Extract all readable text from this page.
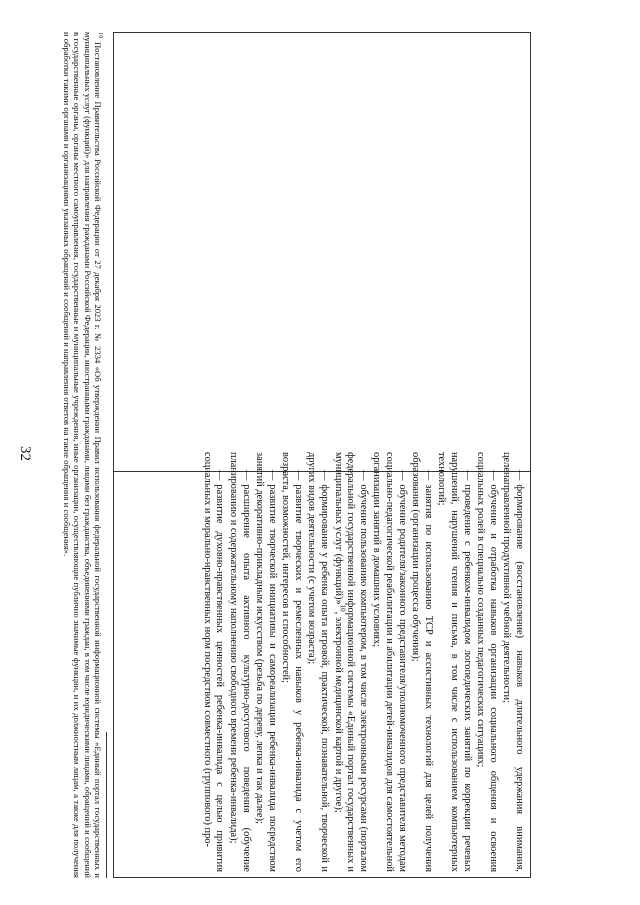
32

—формирование (восстановление) навыков длительного удержания внимания, целенаправленной продуктивной учебной деятельности;

—обучение и отработка навыков организации социального общения и освоения социальных ролей в специально созданных педагогических ситуациях;

—проведение с ребенком-инвалидом логопедических занятий по коррекции речевых нарушений, нарушений чтения и письма, в том числе с использованием компьютерных технологий;

—занятия по использованию ТСР и ассистивных технологий для целей получения образования (организации процесса обучения);

—обучение родителя/законного представителя/уполномоченного представителя методам социально-педагогической реабилитации и абилитации детей-инвалидов для самостоятельной организации занятий в домашних условиях;

—обучение пользованию компьютером, в том числе электронными ресурсами (порталом федеральной государственной информационной системы «Единый портал государственных и муниципальных услуг (функций)»$^{10}$, электронной медицинской картой и другое);

—формирование у ребенка опыта игровой, практической, познавательной, творческой и других видов деятельности (с учетом возраста);

—развитие творческих и ремесленных навыков у ребенка-инвалида с учетом его возраста, возможностей, интересов и способностей;

—развитие творческой инициативы и самореализации ребенка-инвалида посредством занятий декоративно-прикладным искусством (резьба по дереву, лепка и так далее);

—расширение опыта активного культурно-досугового поведения (обучение планированию и содержательному наполнению свободного времени ребенка-инвалида);

—развитие духовно-нравственных ценностей ребенка-инвалида с целью привития социальных и морально-нравственных норм посредством совместного (группового) про-

$^{10}$ Постановление Правительства Российской Федерации от 27 декабря 2023 г. № 2334 «Об утверждении Правил использования федеральной государственной информационной системы «Единый портал государственных и муниципальных услуг (функций)» для направления гражданами Российской Федерации, иностранными гражданами, лицами без гражданства, объединениями граждан, в том числе юридическими лицами, обращений и сообщений в государственные органы, органы местного самоуправления, государственные и муниципальные учреждения, иные организации, осуществляющие публично значимые функции, и их должностным лицам, а также для получения и обработки такими органами и организациями указанных обращений и сообщений и направления ответов на такие обращения и сообщения».
